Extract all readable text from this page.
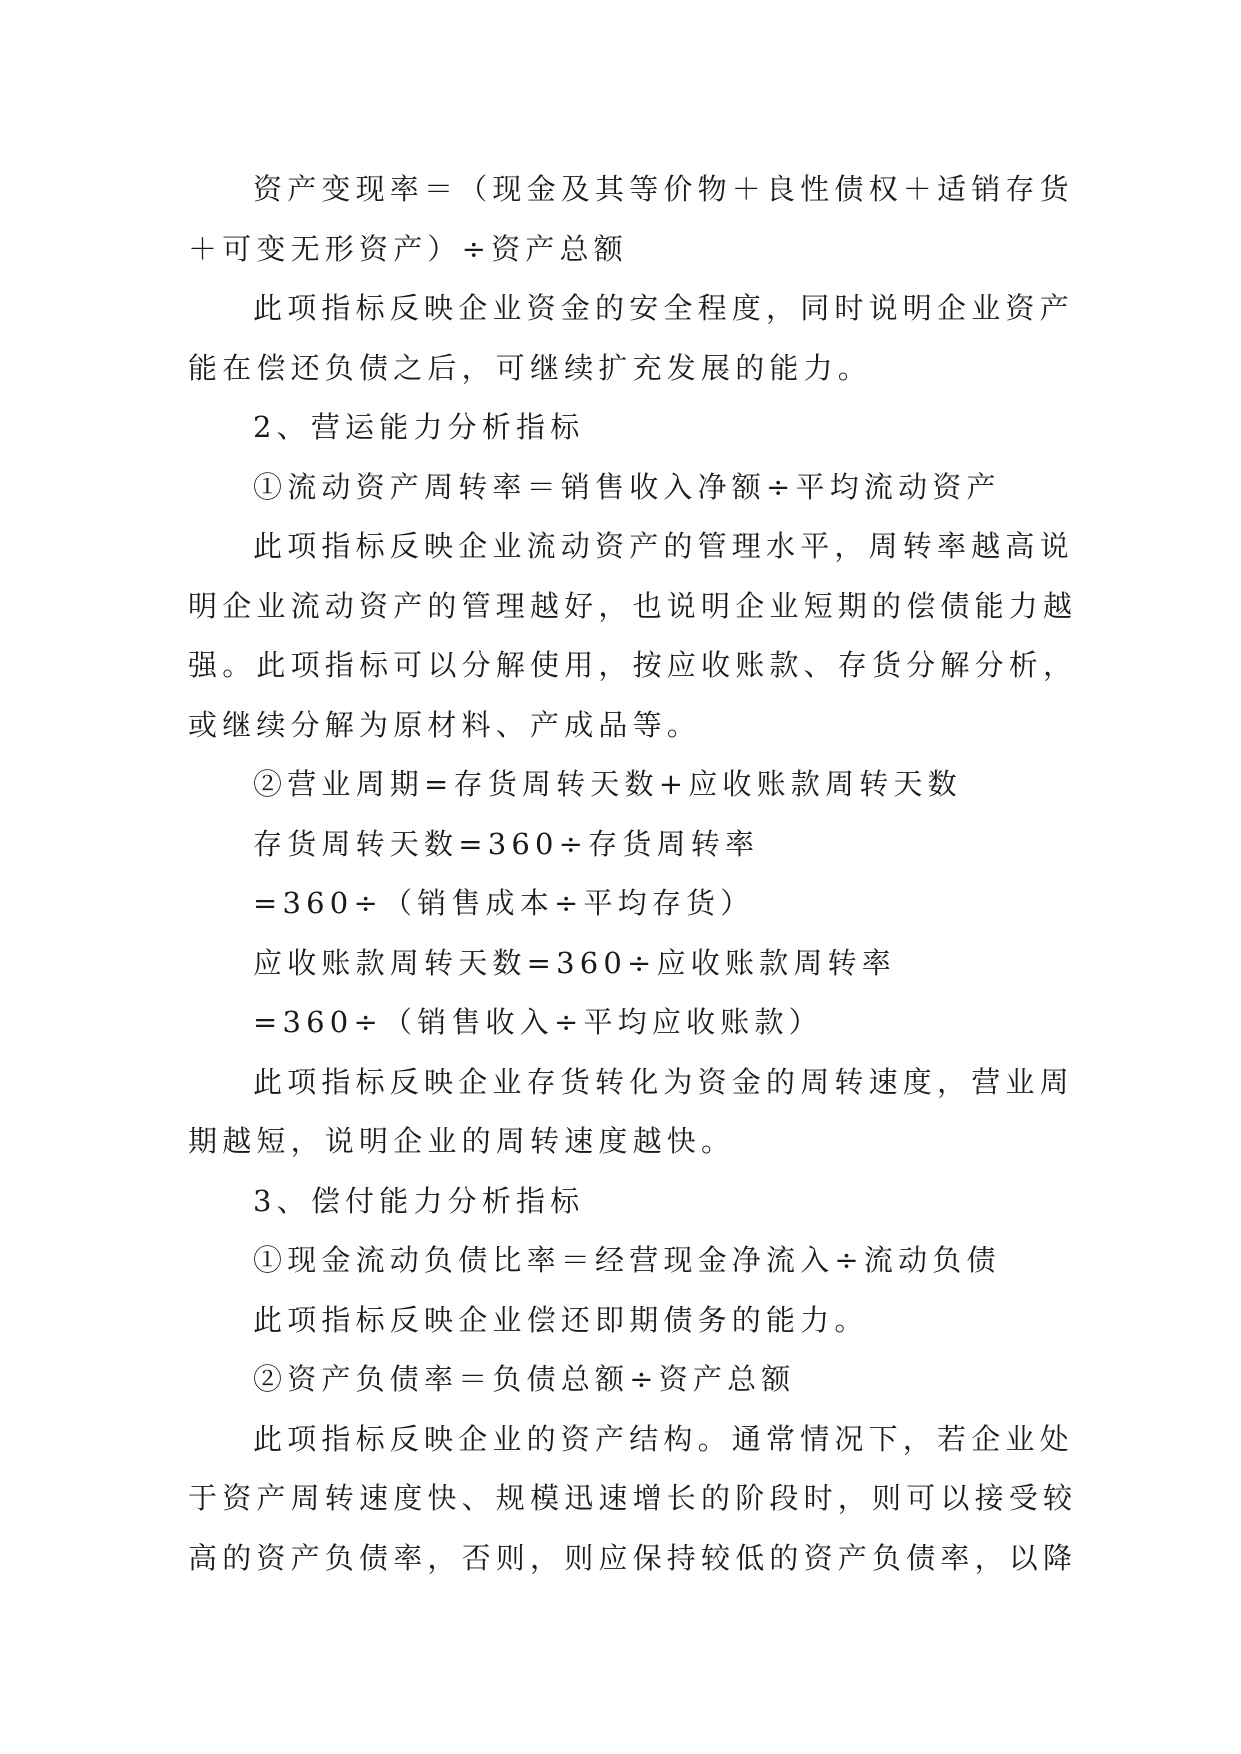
资产变现率＝（现金及其等价物＋良性债权＋适销存货
＋可变无形资产）÷资产总额
此项指标反映企业资金的安全程度，同时说明企业资产
能在偿还负债之后，可继续扩充发展的能力。
2、营运能力分析指标
①流动资产周转率＝销售收入净额÷平均流动资产
此项指标反映企业流动资产的管理水平，周转率越高说
明企业流动资产的管理越好，也说明企业短期的偿债能力越
强。此项指标可以分解使用，按应收账款、存货分解分析，
或继续分解为原材料、产成品等。
②营业周期=存货周转天数+应收账款周转天数
存货周转天数=360÷存货周转率
=360÷（销售成本÷平均存货）
应收账款周转天数=360÷应收账款周转率
=360÷（销售收入÷平均应收账款）
此项指标反映企业存货转化为资金的周转速度，营业周
期越短，说明企业的周转速度越快。
3、偿付能力分析指标
①现金流动负债比率＝经营现金净流入÷流动负债
此项指标反映企业偿还即期债务的能力。
②资产负债率＝负债总额÷资产总额
此项指标反映企业的资产结构。通常情况下，若企业处
于资产周转速度快、规模迅速增长的阶段时，则可以接受较
高的资产负债率，否则，则应保持较低的资产负债率，以降
